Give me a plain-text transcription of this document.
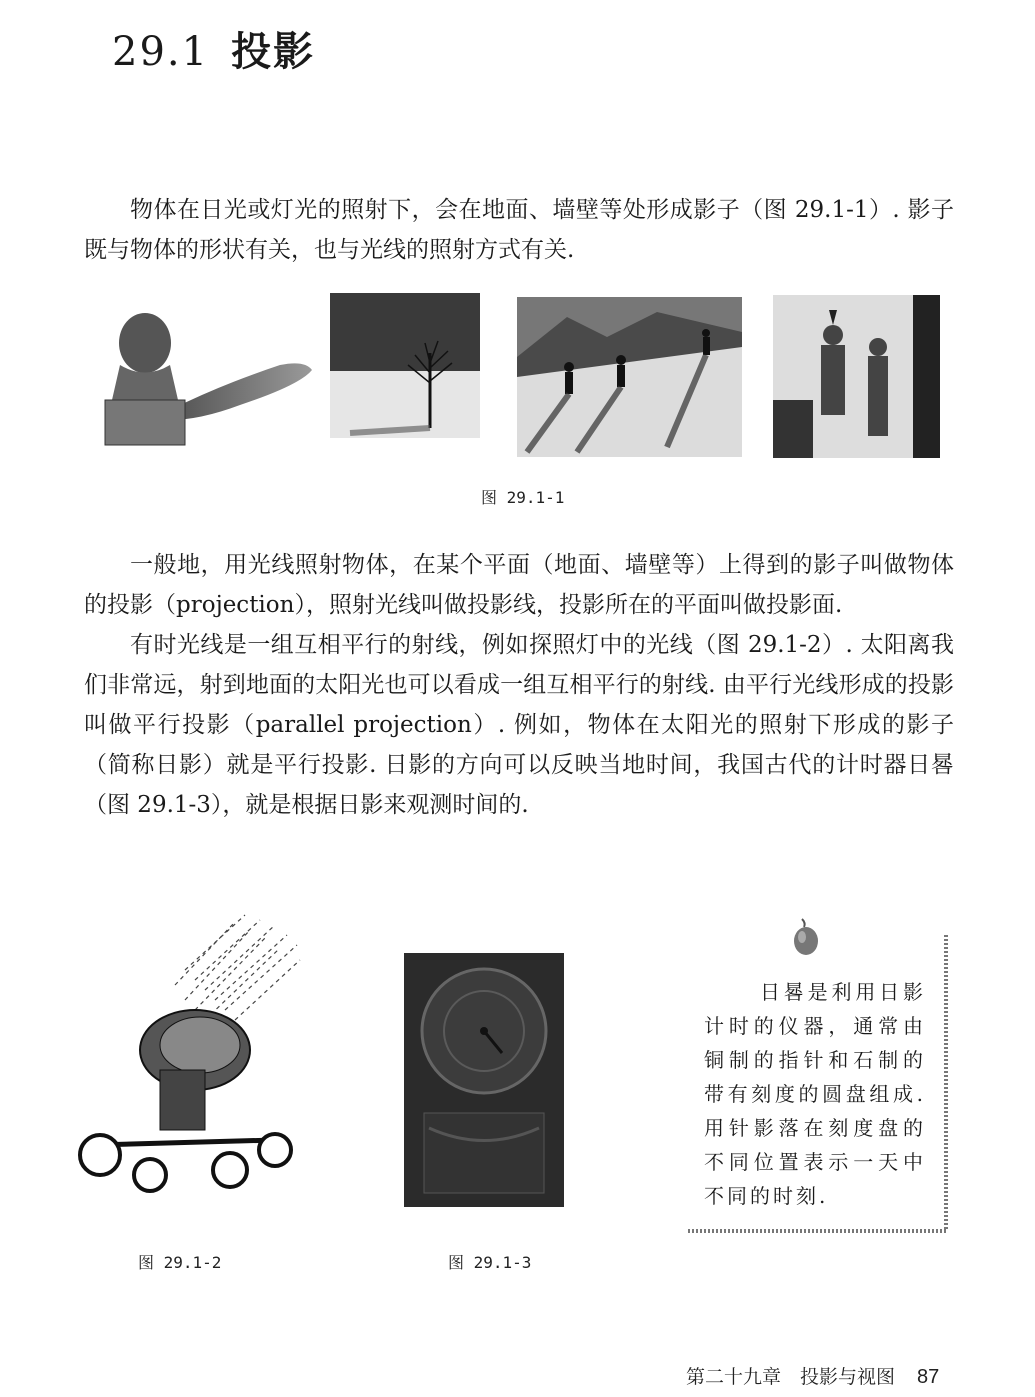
29.1 投影

物体在日光或灯光的照射下，会在地面、墙壁等处形成影子（图 29.1-1）. 影子既与物体的形状有关，也与光线的照射方式有关.

图 29.1-1

一般地，用光线照射物体，在某个平面（地面、墙壁等）上得到的影子叫做物体的投影（projection），照射光线叫做投影线，投影所在的平面叫做投影面.

有时光线是一组互相平行的射线，例如探照灯中的光线（图 29.1-2）. 太阳离我们非常远，射到地面的太阳光也可以看成一组互相平行的射线. 由平行光线形成的投影叫做平行投影（parallel projection）. 例如，物体在太阳光的照射下形成的影子（简称日影）就是平行投影. 日影的方向可以反映当地时间，我国古代的计时器日晷（图 29.1-3），就是根据日影来观测时间的.

图 29.1-2	图 29.1-3
日晷是利用日影计时的仪器，通常由铜制的指针和石制的带有刻度的圆盘组成. 用针影落在刻度盘的不同位置表示一天中不同的时刻.
第二十九章　投影与视图 87
